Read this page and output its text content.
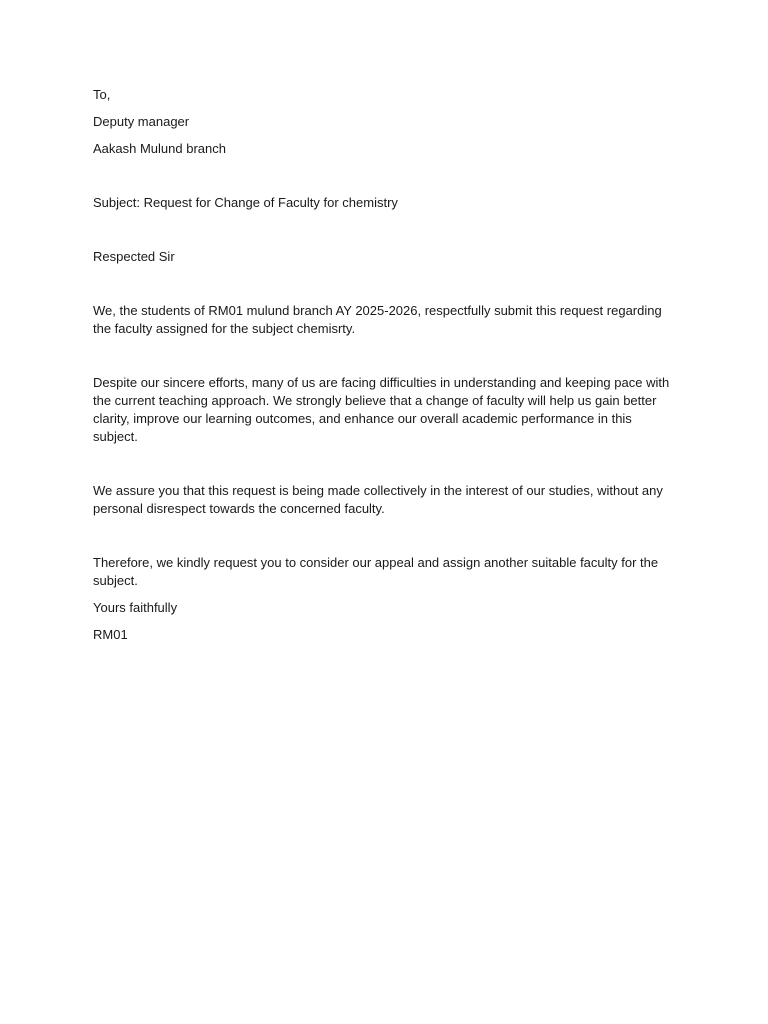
To,

Deputy manager

Aakash Mulund branch

Subject: Request for Change of Faculty for chemistry

Respected Sir

We, the students of RM01 mulund branch AY 2025-2026, respectfully submit this request regarding the faculty assigned for the subject chemisrty.

Despite our sincere efforts, many of us are facing difficulties in understanding and keeping pace with the current teaching approach. We strongly believe that a change of faculty will help us gain better clarity, improve our learning outcomes, and enhance our overall academic performance in this subject.

We assure you that this request is being made collectively in the interest of our studies, without any personal disrespect towards the concerned faculty.

Therefore, we kindly request you to consider our appeal and assign another suitable faculty for the subject.

Yours faithfully

RM01
